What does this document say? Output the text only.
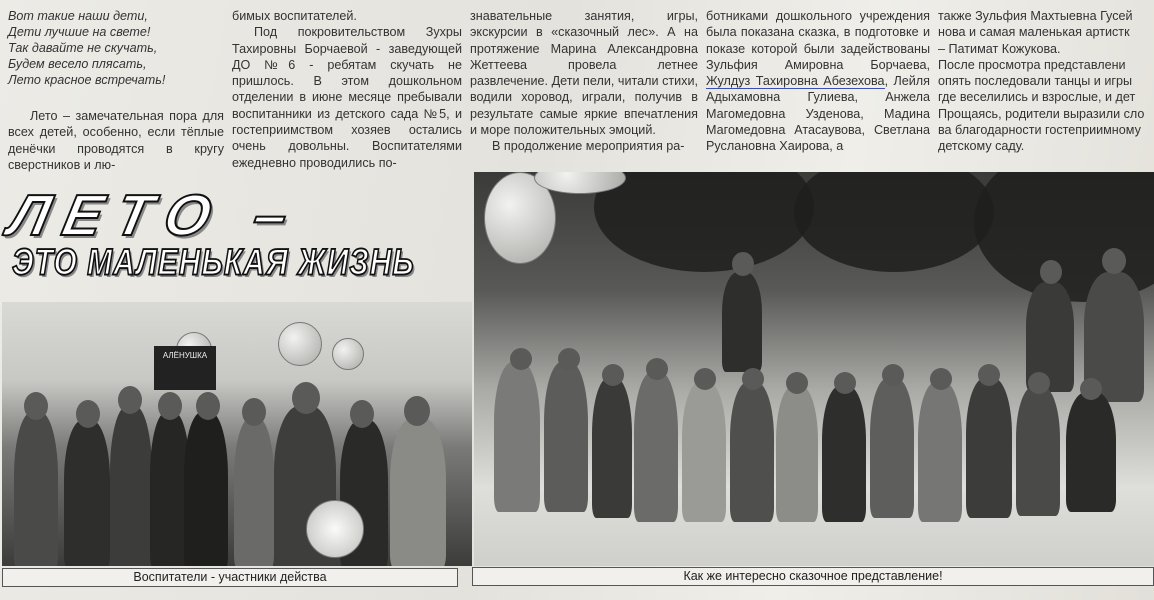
Вот такие наши дети,

Дети лучшие на свете!

Так давайте не скучать,

Будем весело плясать,

Лето красное встречать!

Лето – замечательная пора для всех детей, особенно, если тёплые денёчки проводятся в кругу сверстников и лю-

бимых воспитателей.

Под покровительством Зухры Тахировны Борчаевой - заведующей ДО №6 - ребятам скучать не пришлось. В этом дошкольном отделении в июне месяце пребывали воспитанники из детского сада №5, и гостеприимством хозяев остались очень довольны. Воспитателями ежедневно проводились по-

знавательные занятия, игры, экскурсии в «сказочный лес». А на протяжение Марина Александровна Жеттеева провела летнее развлечение. Дети пели, читали стихи, водили хоровод, играли, получив в результате самые яркие впечатления и море положительных эмоций.

В продолжение мероприятия ра-

ботниками дошкольного учреждения была показана сказка, в подготовке и показе которой были задействованы Зульфия Амировна Борчаева, Жулдуз Тахировна Абезехова, Лейля Адыхамовна Гулиева, Анжела Магомедовна Узденова, Мадина Магомедовна Атасаувова, Светлана Руслановна Хаирова, а

также Зульфия Махтыевна Гусей

нова и самая маленькая артистк

– Патимат Кожукова.

После просмотра представлени

опять последовали танцы и игры

где веселились и взрослые, и дет

Прощаясь, родители выразили сло

ва благодарности гостеприимному

детскому саду.

ЛЕТО –
ЭТО МАЛЕНЬКАЯ ЖИЗНЬ
АЛЁНУШКА
Воспитатели - участники действа	Как же интересно сказочное представление!
